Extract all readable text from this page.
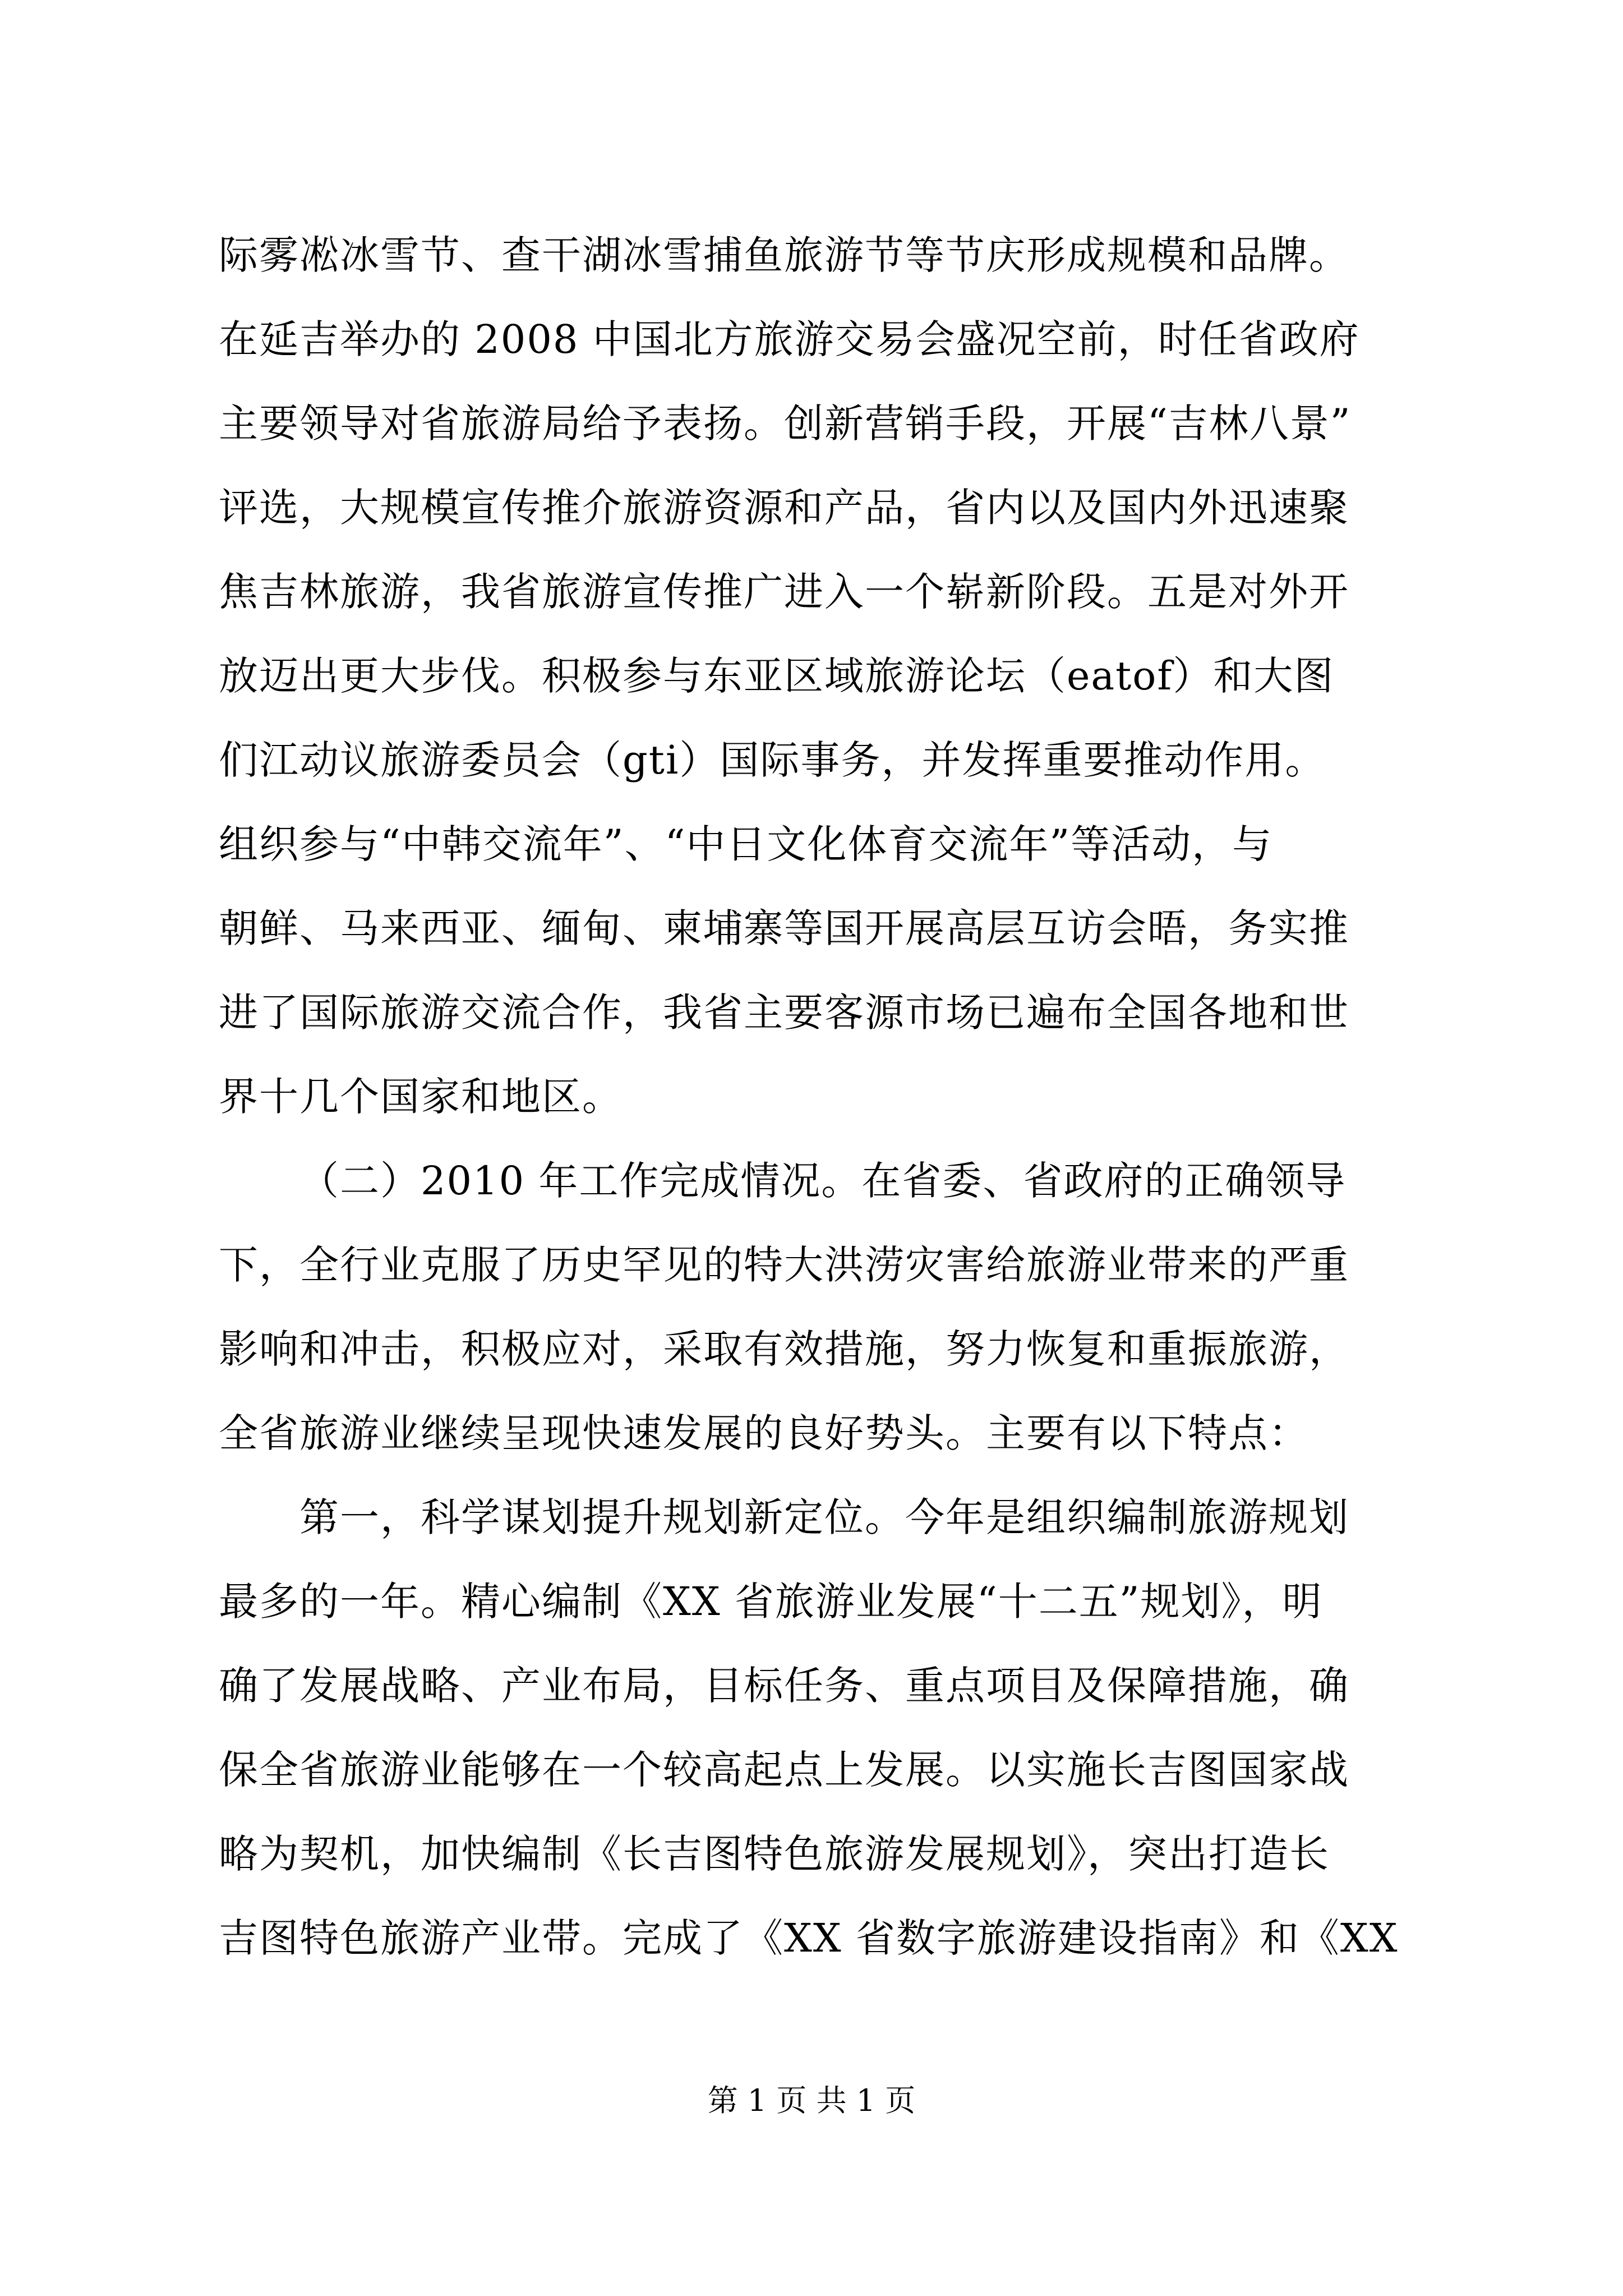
际雾凇冰雪节、查干湖冰雪捕鱼旅游节等节庆形成规模和品牌。
在延吉举办的 2008 中国北方旅游交易会盛况空前，时任省政府
主要领导对省旅游局给予表扬。创新营销手段，开展“吉林八景”
评选，大规模宣传推介旅游资源和产品，省内以及国内外迅速聚
焦吉林旅游，我省旅游宣传推广进入一个崭新阶段。五是对外开
放迈出更大步伐。积极参与东亚区域旅游论坛（eatof）和大图
们江动议旅游委员会（gti）国际事务，并发挥重要推动作用。
组织参与“中韩交流年”、“中日文化体育交流年”等活动，与
朝鲜、马来西亚、缅甸、柬埔寨等国开展高层互访会晤，务实推
进了国际旅游交流合作，我省主要客源市场已遍布全国各地和世
界十几个国家和地区。
（二）2010 年工作完成情况。在省委、省政府的正确领导
下，全行业克服了历史罕见的特大洪涝灾害给旅游业带来的严重
影响和冲击，积极应对，采取有效措施，努力恢复和重振旅游，
全省旅游业继续呈现快速发展的良好势头。主要有以下特点：
第一，科学谋划提升规划新定位。今年是组织编制旅游规划
最多的一年。精心编制《XX 省旅游业发展“十二五”规划》，明
确了发展战略、产业布局，目标任务、重点项目及保障措施，确
保全省旅游业能够在一个较高起点上发展。以实施长吉图国家战
略为契机，加快编制《长吉图特色旅游发展规划》，突出打造长
吉图特色旅游产业带。完成了《XX 省数字旅游建设指南》和《XX
第 1 页 共 1 页
